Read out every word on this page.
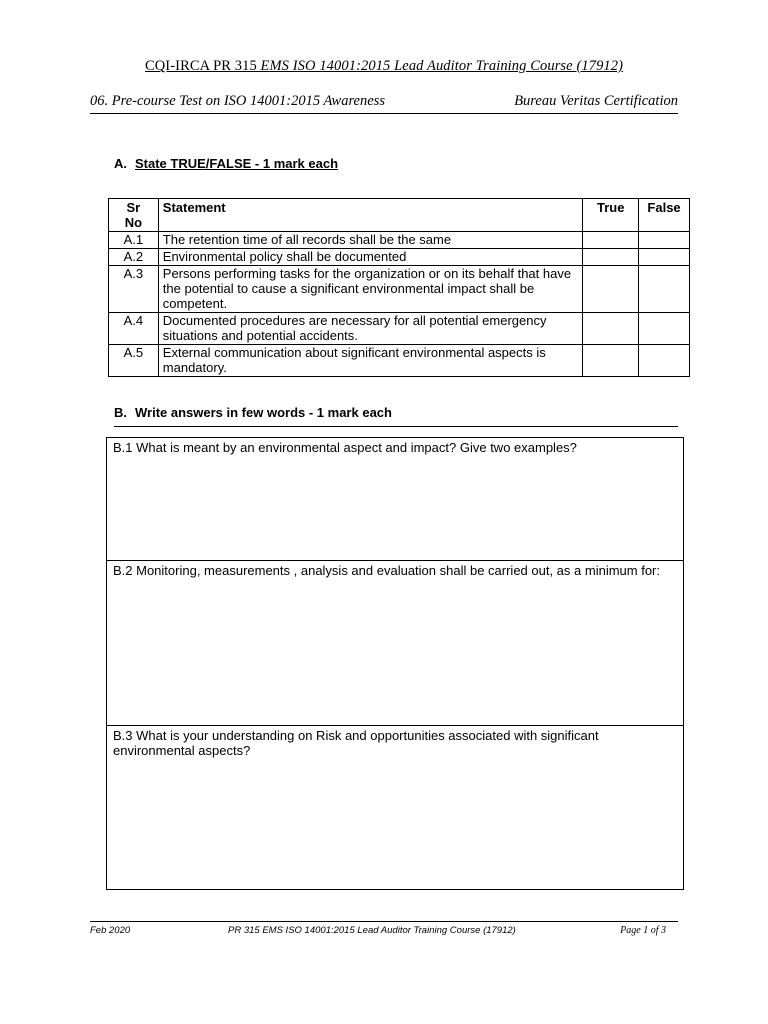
CQI-IRCA PR 315 EMS ISO 14001:2015 Lead Auditor Training Course (17912)
06. Pre-course Test on ISO 14001:2015 Awareness	Bureau Veritas Certification
A. State TRUE/FALSE - 1 mark each
Sr No	Statement	True	False
A.1	The retention time of all records shall be the same		
A.2	Environmental policy shall be documented		
A.3	Persons performing tasks for the organization or on its behalf that have the potential to cause a significant environmental impact shall be competent.		
A.4	Documented procedures are necessary for all potential emergency situations and potential accidents.		
A.5	External communication about significant environmental aspects is mandatory.		
B. Write answers in few words - 1 mark each
B.1 What is meant by an environmental aspect and impact? Give two examples?
B.2 Monitoring, measurements , analysis and evaluation shall be carried out, as a minimum for:
B.3 What is your understanding on Risk and opportunities associated with significant environmental aspects?
Feb 2020	PR 315 EMS ISO 14001:2015 Lead Auditor Training Course (17912)	Page 1 of 3
